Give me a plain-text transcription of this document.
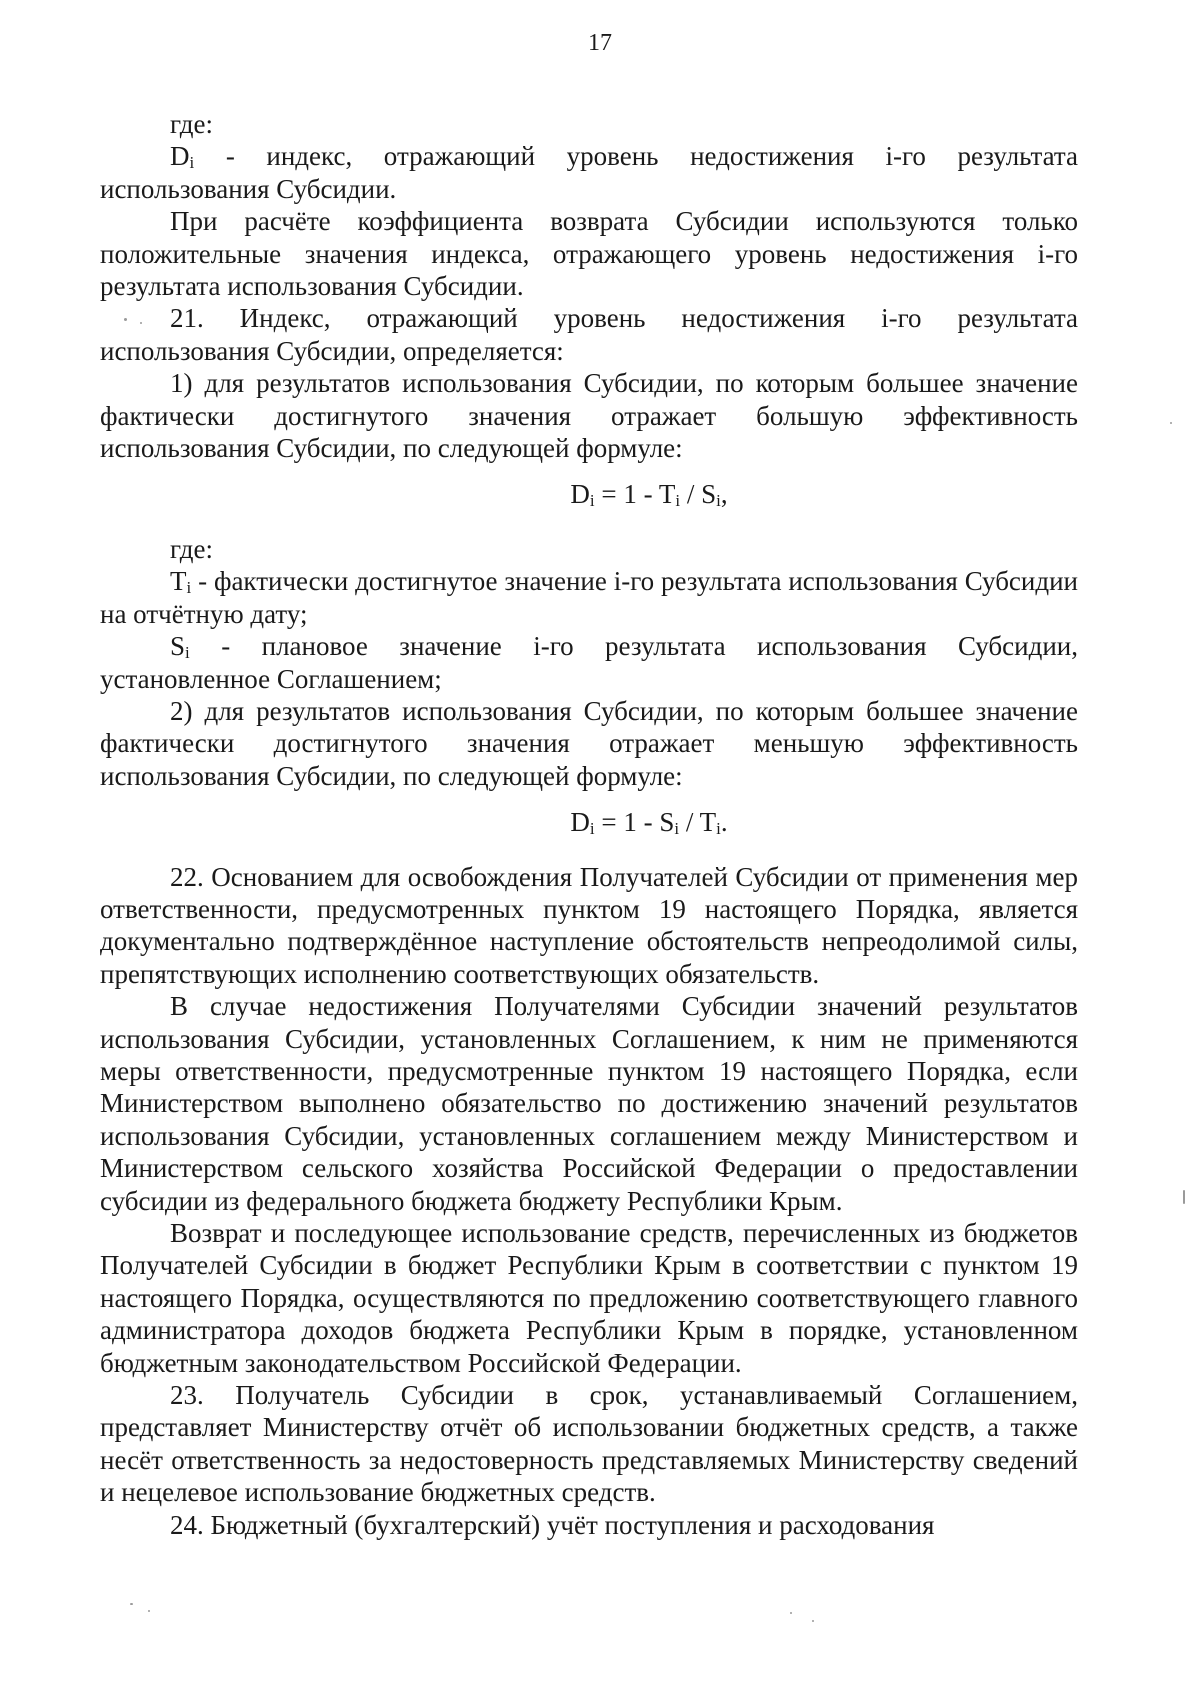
17

где:

$D_i$ - индекс, отражающий уровень недостижения i-го результата использования Субсидии.

При расчёте коэффициента возврата Субсидии используются только положительные значения индекса, отражающего уровень недостижения i-го результата использования Субсидии.

21. Индекс, отражающий уровень недостижения i-го результата использования Субсидии, определяется:

1) для результатов использования Субсидии, по которым большее значение фактически достигнутого значения отражает большую эффективность использования Субсидии, по следующей формуле:

$D_i = 1 - T_i / S_i$,

где:

$T_i$ - фактически достигнутое значение i-го результата использования Субсидии на отчётную дату;

$S_i$ - плановое значение i-го результата использования Субсидии, установленное Соглашением;

2) для результатов использования Субсидии, по которым большее значение фактически достигнутого значения отражает меньшую эффективность использования Субсидии, по следующей формуле:

$D_i = 1 - S_i / T_i$.

22. Основанием для освобождения Получателей Субсидии от применения мер ответственности, предусмотренных пунктом 19 настоящего Порядка, является документально подтверждённое наступление обстоятельств непреодолимой силы, препятствующих исполнению соответствующих обязательств.

В случае недостижения Получателями Субсидии значений результатов использования Субсидии, установленных Соглашением, к ним не применяются меры ответственности, предусмотренные пунктом 19 настоящего Порядка, если Министерством выполнено обязательство по достижению значений результатов использования Субсидии, установленных соглашением между Министерством и Министерством сельского хозяйства Российской Федерации о предоставлении субсидии из федерального бюджета бюджету Республики Крым.

Возврат и последующее использование средств, перечисленных из бюджетов Получателей Субсидии в бюджет Республики Крым в соответствии с пунктом 19 настоящего Порядка, осуществляются по предложению соответствующего главного администратора доходов бюджета Республики Крым в порядке, установленном бюджетным законодательством Российской Федерации.

23. Получатель Субсидии в срок, устанавливаемый Соглашением, представляет Министерству отчёт об использовании бюджетных средств, а также несёт ответственность за недостоверность представляемых Министерству сведений и нецелевое использование бюджетных средств.

24. Бюджетный (бухгалтерский) учёт поступления и расходования
